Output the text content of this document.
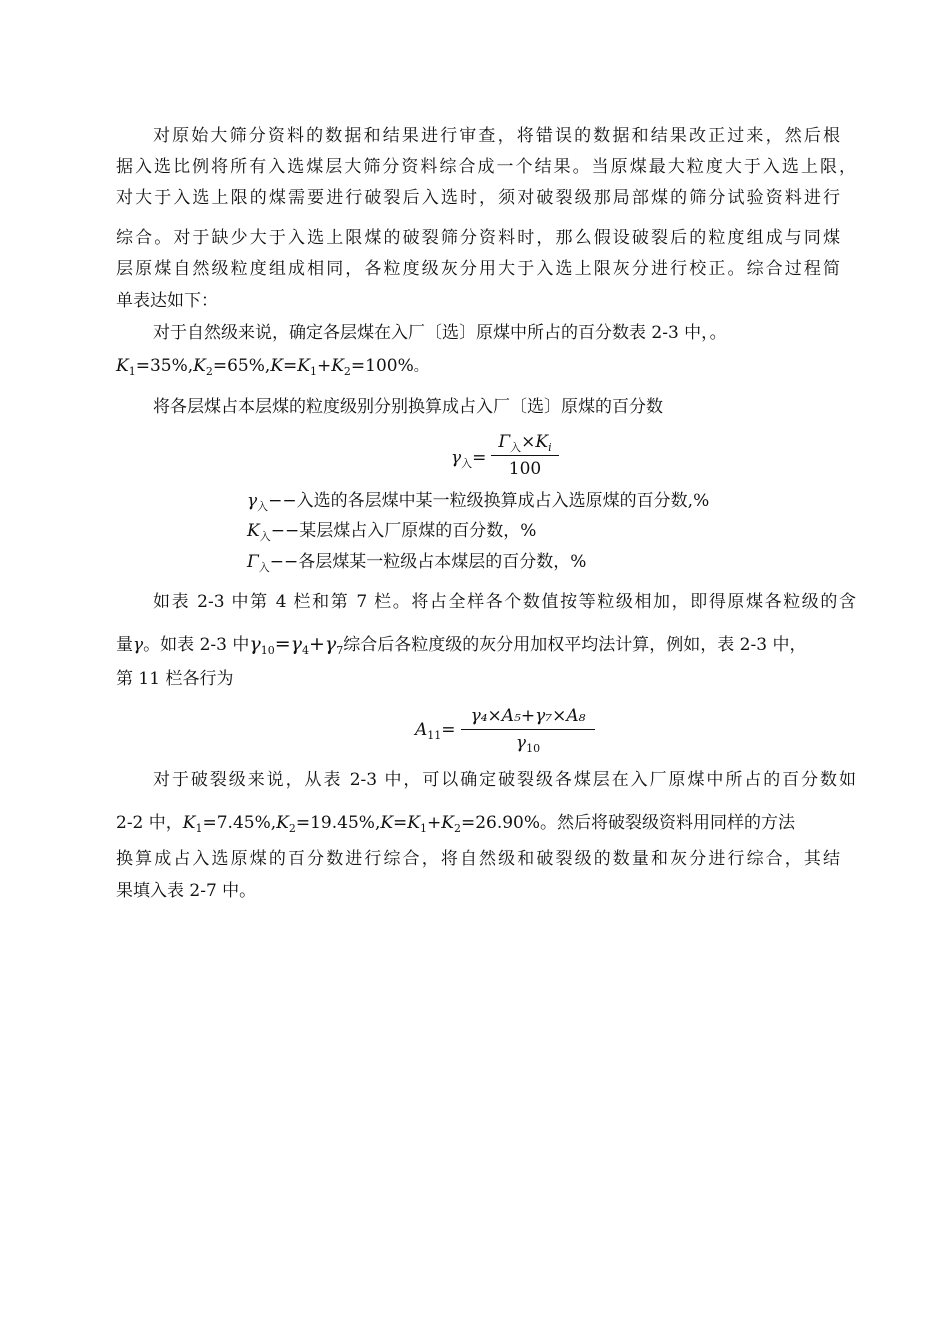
对原始大筛分资料的数据和结果进行审查，将错误的数据和结果改正过来，然后根
据入选比例将所有入选煤层大筛分资料综合成一个结果。当原煤最大粒度大于入选上限，
对大于入选上限的煤需要进行破裂后入选时，须对破裂级那局部煤的筛分试验资料进行
综合。对于缺少大于入选上限煤的破裂筛分资料时，那么假设破裂后的粒度组成与同煤
层原煤自然级粒度组成相同，各粒度级灰分用大于入选上限灰分进行校正。综合过程简
单表达如下：
对于自然级来说，确定各层煤在入厂〔选〕原煤中所占的百分数表 2-3 中，。
$K_1=35\%,K_2=65\%,K=K_1+K_2=100\%$。
将各层煤占本层煤的粒度级别分别换算成占入厂〔选〕原煤的百分数
$\gamma_入=$
$\Gamma_入\times K_i$
100
$\gamma_入--$入选的各层煤中某一粒级换算成占入选原煤的百分数,%
$K_入--$某层煤占入厂原煤的百分数，%
$\Gamma_入--$各层煤某一粒级占本煤层的百分数，%
如表 2-3 中第 4 栏和第 7 栏。将占全样各个数值按等粒级相加，即得原煤各粒级的含
量γ。如表 2-3 中$\gamma_{10}=\gamma_4+\gamma_7$综合后各粒度级的灰分用加权平均法计算，例如，表 2-3 中，
第 11 栏各行为
$A_{11}=$
γ₄×A₅+γ₇×A₈
$\gamma_{10}$
对于破裂级来说，从表 2-3 中，可以确定破裂级各煤层在入厂原煤中所占的百分数如
2-2 中，$K_1=7.45\%,K_2=19.45\%,K=K_1+K_2=26.90\%$。然后将破裂级资料用同样的方法
换算成占入选原煤的百分数进行综合，将自然级和破裂级的数量和灰分进行综合，其结
果填入表 2-7 中。
